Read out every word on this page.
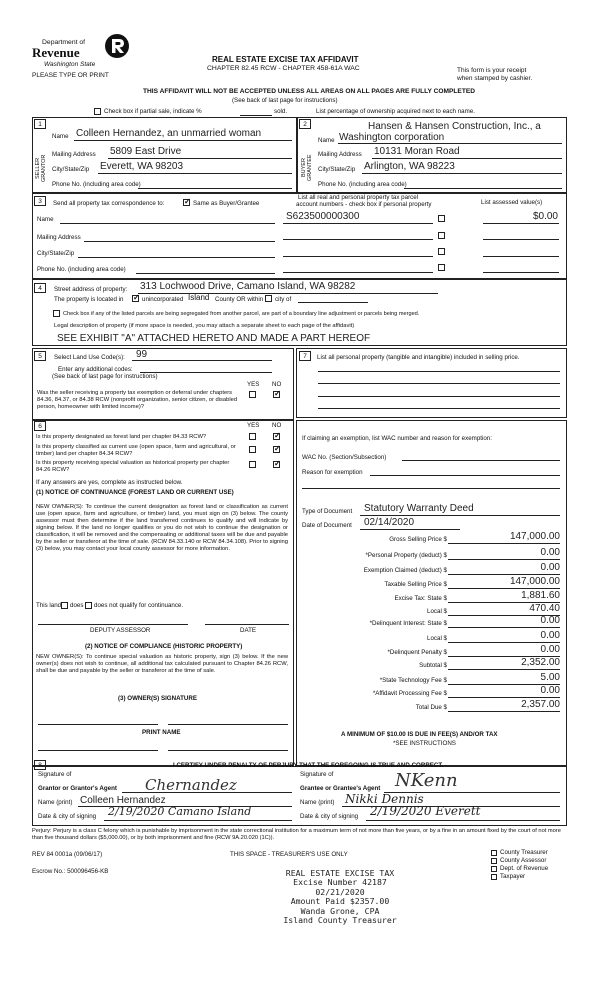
Department of
Revenue
Washington State
PLEASE TYPE OR PRINT
REAL ESTATE EXCISE TAX AFFIDAVIT
CHAPTER 82.45 RCW - CHAPTER 458-61A WAC	This form is your receipt
when stamped by cashier.
THIS AFFIDAVIT WILL NOT BE ACCEPTED UNLESS ALL AREAS ON ALL PAGES ARE FULLY COMPLETED
(See back of last page for instructions)
Check box if partial sale, indicate %	sold.	List percentage of ownership acquired next to each name.
1	2
SELLER GRANTOR	BUYER GRANTEE
Name Colleen Hernandez, an unmarried woman
Mailing Address 5809 East Drive
City/State/Zip Everett, WA 98203
Phone No. (including area code)
Hansen & Hansen Construction, Inc., a
Name Washington corporation
Mailing Address 10131 Moran Road
City/State/Zip Arlington, WA 98223
Phone No. (including area code)
3	Send all property tax correspondence to: ✓	Same as Buyer/Grantee
List all real and personal property tax parcel
account numbers - check box if personal property	List assessed value(s)
Name
Mailing Address
City/State/Zip
Phone No. (including area code)
S623500000300	$0.00
4	Street address of property: 313 Lochwood Drive, Camano Island, WA 98282
The property is located in ✓	unincorporated Island County OR within city of
Check box if any of the listed parcels are being segregated from another parcel, are part of a boundary line adjustment or parcels being merged.
Legal description of property (if more space is needed, you may attach a separate sheet to each page of the affidavit)
SEE EXHIBIT "A" ATTACHED HERETO AND MADE A PART HEREOF
5	Select Land Use Code(s): 99
Enter any additional codes:
(See back of last page for instructions)
YES NO
Was the seller receiving a property tax exemption or deferral under chapters 84.36, 84.37, or 84.38 RCW (nonprofit organization, senior citizen, or disabled person, homeowner with limited income)?
✓
7	List all personal property (tangible and intangible) included in selling price.
6	YES NO
Is this property designated as forest land per chapter 84.33 RCW?
✓
Is this property classified as current use (open space, farm and agricultural, or timber) land per chapter 84.34 RCW?
✓
Is this property receiving special valuation as historical property per chapter 84.26 RCW?
✓
If any answers are yes, complete as instructed below.
(1) NOTICE OF CONTINUANCE (FOREST LAND OR CURRENT USE)
NEW OWNER(S): To continue the current designation as forest land or classification as current use (open space, farm and agriculture, or timber) land, you must sign on (3) below. The county assessor must then determine if the land transferred continues to qualify and will indicate by signing below. If the land no longer qualifies or you do not wish to continue the designation or classification, it will be removed and the compensating or additional taxes will be due and payable by the seller or transferor at the time of sale. (RCW 84.33.140 or RCW 84.34.108). Prior to signing (3) below, you may contact your local county assessor for more information.
This land does does not qualify for continuance.
DEPUTY ASSESSOR	DATE
(2) NOTICE OF COMPLIANCE (HISTORIC PROPERTY)
NEW OWNER(S): To continue special valuation as historic property, sign (3) below. If the new owner(s) does not wish to continue, all additional tax calculated pursuant to Chapter 84.26 RCW, shall be due and payable by the seller or transferor at the time of sale.
(3) OWNER(S) SIGNATURE
PRINT NAME
If claiming an exemption, list WAC number and reason for exemption:
WAC No. (Section/Subsection)
Reason for exemption
Type of Document Statutory Warranty Deed
Date of Document 02/14/2020
Gross Selling Price $	147,000.00
*Personal Property (deduct) $	0.00
Exemption Claimed (deduct) $	0.00
Taxable Selling Price $	147,000.00
Excise Tax: State $	1,881.60
Local $	470.40
*Delinquent Interest: State $	0.00
Local $	0.00
*Delinquent Penalty $	0.00
Subtotal $	2,352.00
*State Technology Fee $	5.00
*Affidavit Processing Fee $	0.00
Total Due $	2,357.00
A MINIMUM OF $10.00 IS DUE IN FEE(S) AND/OR TAX
*SEE INSTRUCTIONS
8	I CERTIFY UNDER PENALTY OF PERJURY THAT THE FOREGOING IS TRUE AND CORRECT.
Signature of
Grantor or Grantor's Agent Chernandez
Name (print) Colleen Hernandez
Date & city of signing 2/19/2020 Camano Island
Signature of
Grantee or Grantee's Agent NKenn
Name (print) Nikki Dennis
Date & city of signing 2/19/2020 Everett
Perjury: Perjury is a class C felony which is punishable by imprisonment in the state correctional institution for a maximum term of not more than five years, or by a fine in an amount fixed by the court of not more than five thousand dollars ($5,000.00), or by both imprisonment and fine (RCW 9A.20.020 (1C)).
REV 84 0001a (09/06/17)	THIS SPACE - TREASURER'S USE ONLY
Escrow No.: 500096456-KB
County Treasurer
County Assessor
Dept. of Revenue
Taxpayer
REAL ESTATE EXCISE TAX
Excise Number 42187
02/21/2020
Amount Paid $2357.00
Wanda Grone, CPA
Island County Treasurer
